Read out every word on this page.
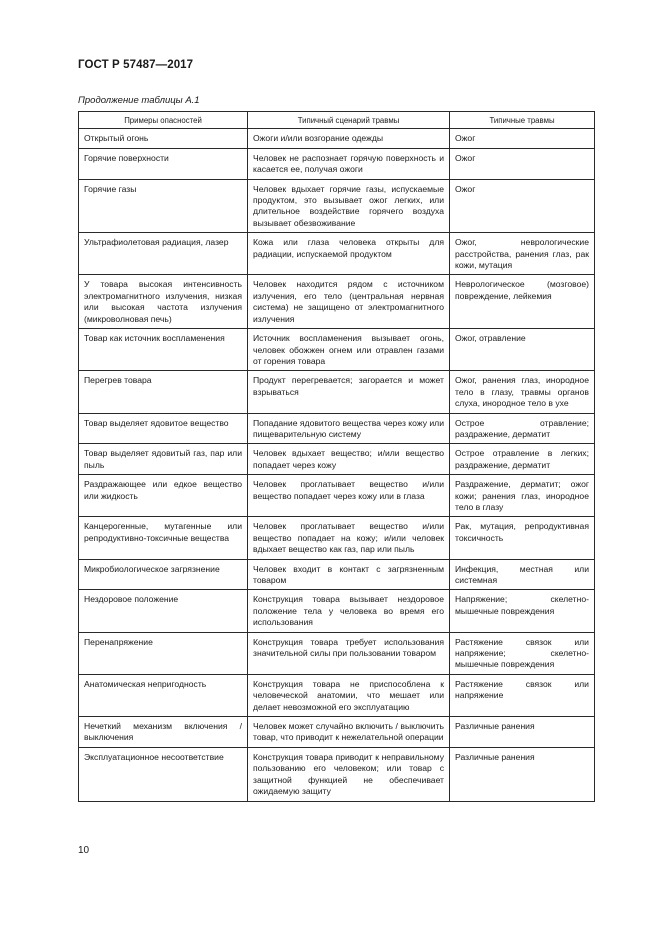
ГОСТ Р 57487—2017
Продолжение таблицы А.1
Примеры опасностей	Типичный сценарий травмы	Типичные травмы
Открытый огонь	Ожоги и/или возгорание одежды	Ожог
Горячие поверхности	Человек не распознает горячую поверхность и касается ее, получая ожоги	Ожог
Горячие газы	Человек вдыхает горячие газы, испускаемые продуктом, это вызывает ожог легких, или длительное воздействие горячего воздуха вызывает обезвоживание	Ожог
Ультрафиолетовая радиация, лазер	Кожа или глаза человека открыты для радиации, испускаемой продуктом	Ожог, неврологические расстройства, ранения глаз, рак кожи, мутация
У товара высокая интенсивность электромагнитного излучения, низкая или высокая частота излучения (микроволновая печь)	Человек находится рядом с источником излучения, его тело (центральная нервная система) не защищено от электромагнитного излучения	Неврологическое (мозговое) повреждение, лейкемия
Товар как источник воспламенения	Источник воспламенения вызывает огонь, человек обожжен огнем или отравлен газами от горения товара	Ожог, отравление
Перегрев товара	Продукт перегревается; загорается и может взрываться	Ожог, ранения глаз, инородное тело в глазу, травмы органов слуха, инородное тело в ухе
Товар выделяет ядовитое вещество	Попадание ядовитого вещества через кожу или пищеварительную систему	Острое отравление; раздражение, дерматит
Товар выделяет ядовитый газ, пар или пыль	Человек вдыхает вещество; и/или вещество попадает через кожу	Острое отравление в легких; раздражение, дерматит
Раздражающее или едкое вещество или жидкость	Человек проглатывает вещество и/или вещество попадает через кожу или в глаза	Раздражение, дерматит; ожог кожи; ранения глаз, инородное тело в глазу
Канцерогенные, мутагенные или репродуктивно-токсичные вещества	Человек проглатывает вещество и/или вещество попадает на кожу; и/или человек вдыхает вещество как газ, пар или пыль	Рак, мутация, репродуктивная токсичность
Микробиологическое загрязнение	Человек входит в контакт с загрязненным товаром	Инфекция, местная или системная
Нездоровое положение	Конструкция товара вызывает нездоровое положение тела у человека во время его использования	Напряжение; скелетно-мышечные повреждения
Перенапряжение	Конструкция товара требует использования значительной силы при пользовании товаром	Растяжение связок или напряжение; скелетно-мышечные повреждения
Анатомическая непригодность	Конструкция товара не приспособлена к человеческой анатомии, что мешает или делает невозможной его эксплуатацию	Растяжение связок или напряжение
Нечеткий механизм включения / выключения	Человек может случайно включить / выключить товар, что приводит к нежелательной операции	Различные ранения
Эксплуатационное несоответствие	Конструкция товара приводит к неправильному пользованию его человеком; или товар с защитной функцией не обеспечивает ожидаемую защиту	Различные ранения
10
